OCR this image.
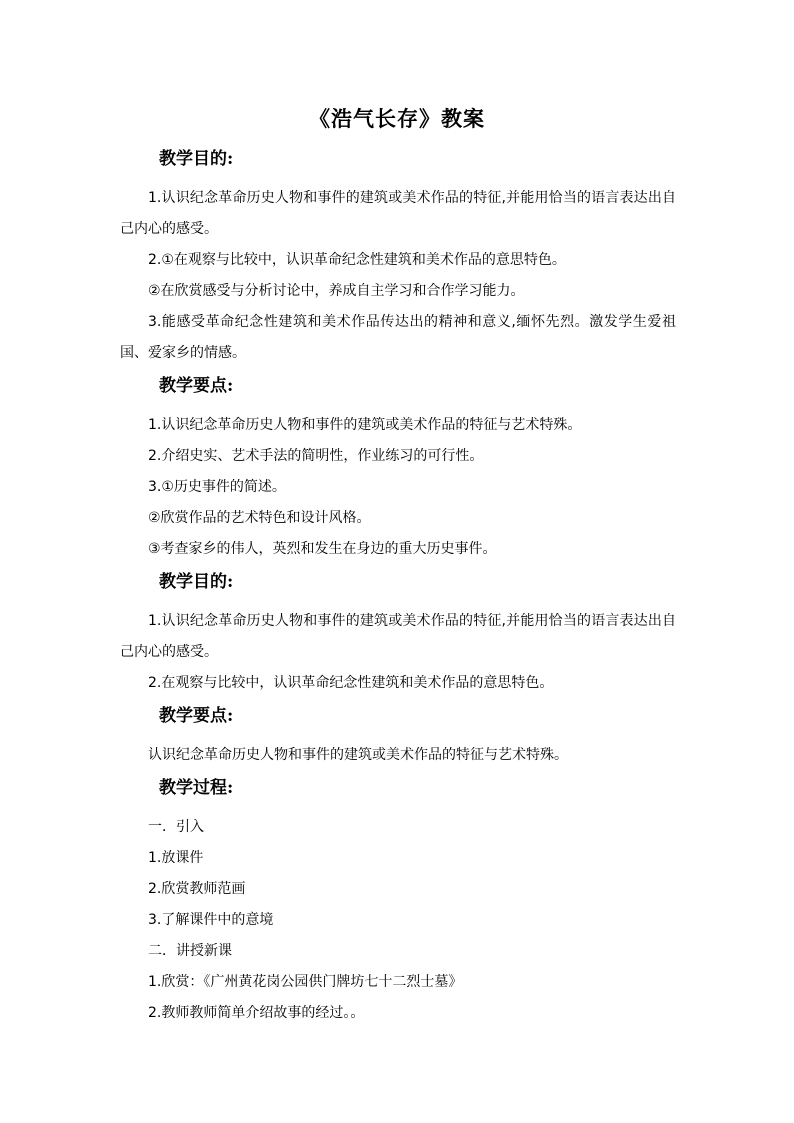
《浩气长存》教案
教学目的:

1.认识纪念革命历史人物和事件的建筑或美术作品的特征,并能用恰当的语言表达出自己内心的感受。

2.①在观察与比较中，认识革命纪念性建筑和美术作品的意思特色。

②在欣赏感受与分析讨论中，养成自主学习和合作学习能力。

3.能感受革命纪念性建筑和美术作品传达出的精神和意义,缅怀先烈。激发学生爱祖国、爱家乡的情感。

教学要点:

1.认识纪念革命历史人物和事件的建筑或美术作品的特征与艺术特殊。

2.介绍史实、艺术手法的简明性，作业练习的可行性。

3.①历史事件的简述。

②欣赏作品的艺术特色和设计风格。

③考查家乡的伟人，英烈和发生在身边的重大历史事件。

教学目的:

1.认识纪念革命历史人物和事件的建筑或美术作品的特征,并能用恰当的语言表达出自己内心的感受。

2.在观察与比较中，认识革命纪念性建筑和美术作品的意思特色。

教学要点:

认识纪念革命历史人物和事件的建筑或美术作品的特征与艺术特殊。

教学过程:

一．引入

1.放课件

2.欣赏教师范画

3.了解课件中的意境

二．讲授新课

1.欣赏：《广州黄花岗公园供门牌坊七十二烈士墓》

2.教师教师简单介绍故事的经过。。
